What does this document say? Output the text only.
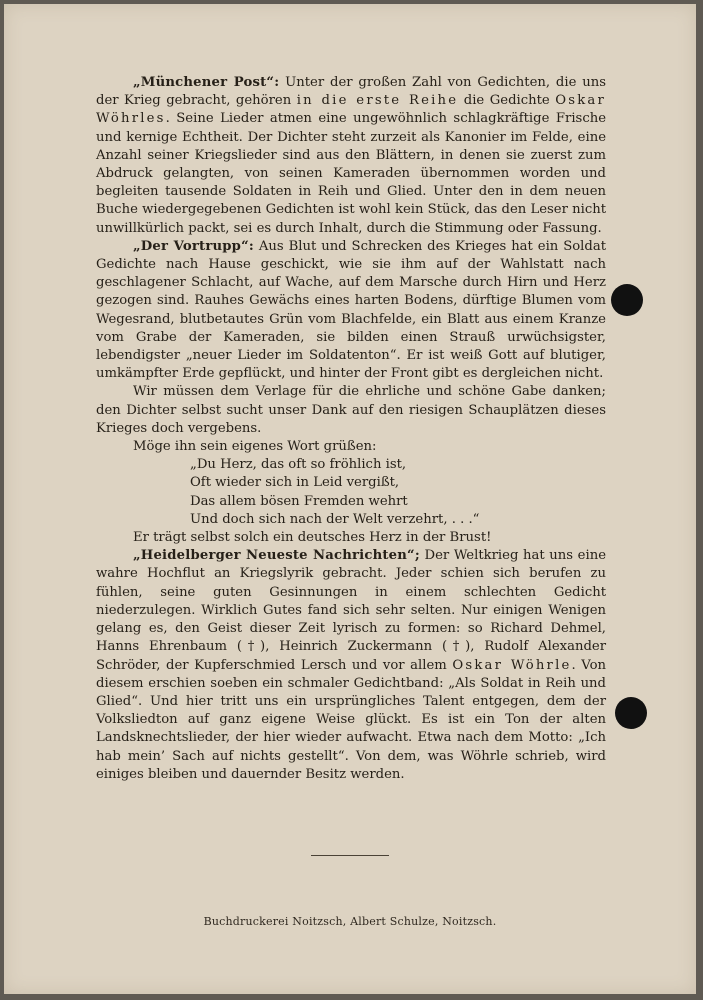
„Münchener Post“: Unter der großen Zahl von Gedichten, die uns der Krieg gebracht, gehören in die erste Reihe die Gedichte Oskar Wöhrles. Seine Lieder atmen eine ungewöhnlich schlagkräftige Frische und kernige Echtheit. Der Dichter steht zurzeit als Kanonier im Felde, eine Anzahl seiner Kriegslieder sind aus den Blättern, in denen sie zuerst zum Abdruck gelangten, von seinen Kameraden übernommen worden und begleiten tausende Soldaten in Reih und Glied. Unter den in dem neuen Buche wiedergegebenen Gedichten ist wohl kein Stück, das den Leser nicht unwillkürlich packt, sei es durch Inhalt, durch die Stimmung oder Fassung.

„Der Vortrupp“: Aus Blut und Schrecken des Krieges hat ein Soldat Gedichte nach Hause geschickt, wie sie ihm auf der Wahlstatt nach geschlagener Schlacht, auf Wache, auf dem Marsche durch Hirn und Herz gezogen sind. Rauhes Gewächs eines harten Bodens, dürftige Blumen vom Wegesrand, blutbetautes Grün vom Blachfelde, ein Blatt aus einem Kranze vom Grabe der Kameraden, sie bilden einen Strauß urwüchsigster, lebendigster „neuer Lieder im Soldatenton“. Er ist weiß Gott auf blutiger, umkämpfter Erde gepflückt, und hinter der Front gibt es dergleichen nicht.

Wir müssen dem Verlage für die ehrliche und schöne Gabe danken; den Dichter selbst sucht unser Dank auf den riesigen Schauplätzen dieses Krieges doch vergebens.

Möge ihn sein eigenes Wort grüßen:

„Du Herz, das oft so fröhlich ist,

Oft wieder sich in Leid vergißt,

Das allem bösen Fremden wehrt

Und doch sich nach der Welt verzehrt, . . .“

Er trägt selbst solch ein deutsches Herz in der Brust!

„Heidelberger Neueste Nachrichten“; Der Weltkrieg hat uns eine wahre Hochflut an Kriegslyrik gebracht. Jeder schien sich berufen zu fühlen, seine guten Gesinnungen in einem schlechten Gedicht niederzulegen. Wirklich Gutes fand sich sehr selten. Nur einigen Wenigen gelang es, den Geist dieser Zeit lyrisch zu formen: so Richard Dehmel, Hanns Ehrenbaum (†), Heinrich Zuckermann (†), Rudolf Alexander Schröder, der Kupferschmied Lersch und vor allem Oskar Wöhrle. Von diesem erschien soeben ein schmaler Gedichtband: „Als Soldat in Reih und Glied“. Und hier tritt uns ein ursprüngliches Talent entgegen, dem der Volksliedton auf ganz eigene Weise glückt. Es ist ein Ton der alten Landsknechtslieder, der hier wieder aufwacht. Etwa nach dem Motto: „Ich hab mein’ Sach auf nichts gestellt“. Von dem, was Wöhrle schrieb, wird einiges bleiben und dauernder Besitz werden.

Buchdruckerei Noitzsch, Albert Schulze, Noitzsch.
